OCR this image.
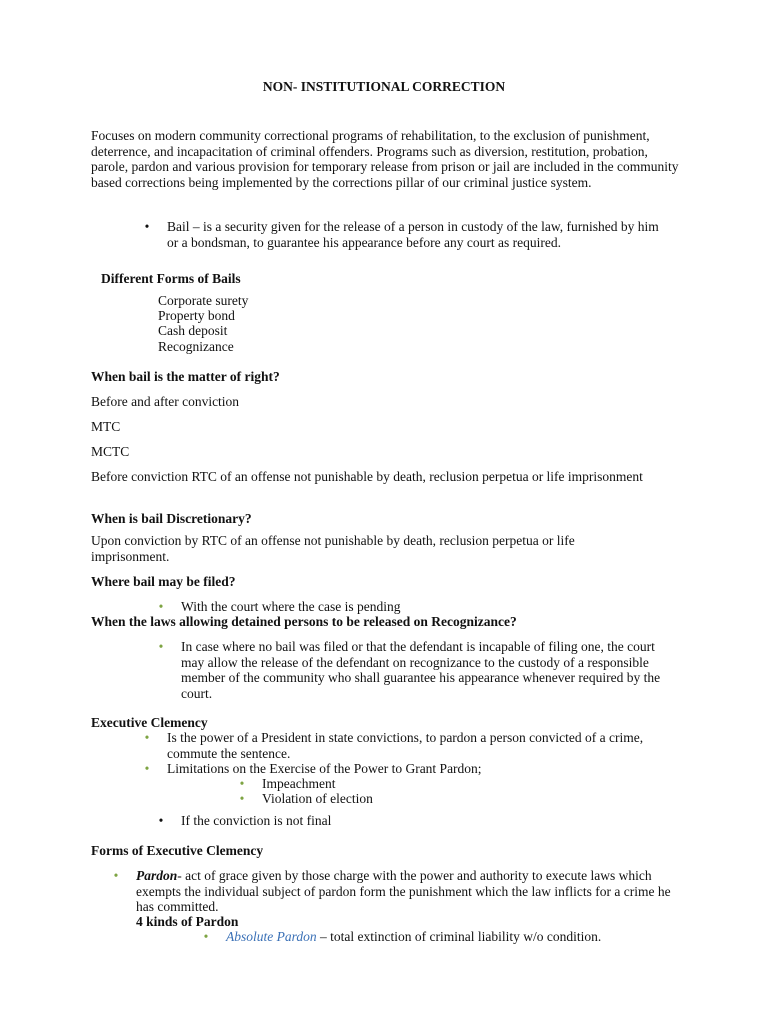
NON- INSTITUTIONAL CORRECTION

Focuses on modern community correctional programs of rehabilitation, to the exclusion of punishment, deterrence, and incapacitation of criminal offenders. Programs such as diversion, restitution, probation, parole, pardon and various provision for temporary release from prison or jail are included in the community based corrections being implemented by the corrections pillar of our criminal justice system.

•	Bail – is a security given for the release of a person in custody of the law, furnished by him or a bondsman, to guarantee his appearance before any court as required.

Different Forms of Bails
Corporate surety
Property bond
Cash deposit
Recognizance
When bail is the matter of right?
Before and after conviction
MTC
MCTC

Before conviction RTC of an offense not punishable by death, reclusion perpetua or life imprisonment

When is bail Discretionary?

Upon conviction by RTC of an offense not punishable by death, reclusion perpetua or life imprisonment.

Where bail may be filed?
•	With the court where the case is pending
When the laws allowing detained persons to be released on Recognizance?
•	In case where no bail was filed or that the defendant is incapable of filing one, the court may allow the release of the defendant on recognizance to the custody of a responsible member of the community who shall guarantee his appearance whenever required by the court.

Executive Clemency
•	Is the power of a President in state convictions, to pardon a person convicted of a crime, commute the sentence.

•	Limitations on the Exercise of the Power to Grant Pardon;
•	Impeachment
•	Violation of election
•	If the conviction is not final
Forms of Executive Clemency
•	Pardon- act of grace given by those charge with the power and authority to execute laws which exempts the individual subject of pardon form the punishment which the law inflicts for a crime he has committed.

4 kinds of Pardon
•	Absolute Pardon – total extinction of criminal liability w/o condition.
